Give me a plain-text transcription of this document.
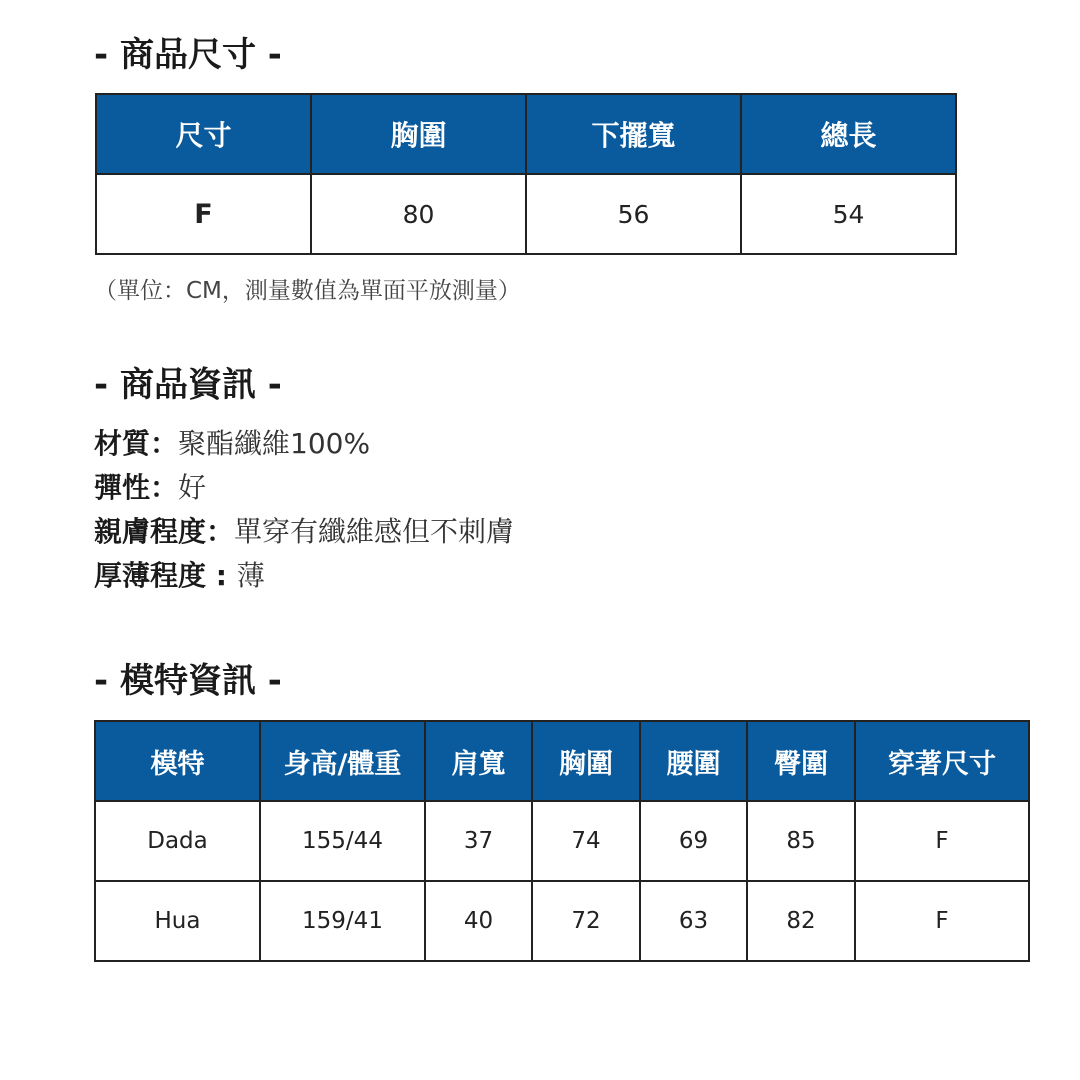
- 商品尺寸 -
尺寸	胸圍	下擺寬	總長
F	80	56	54

（單位：CM，測量數值為單面平放測量）

- 商品資訊 -
材質：聚酯纖維100%
彈性：好
親膚程度：單穿有纖維感但不刺膚
厚薄程度 : 薄
- 模特資訊 -
模特	身高/體重	肩寬	胸圍	腰圍	臀圍	穿著尺寸
Dada	155/44	37	74	69	85	F
Hua	159/41	40	72	63	82	F
